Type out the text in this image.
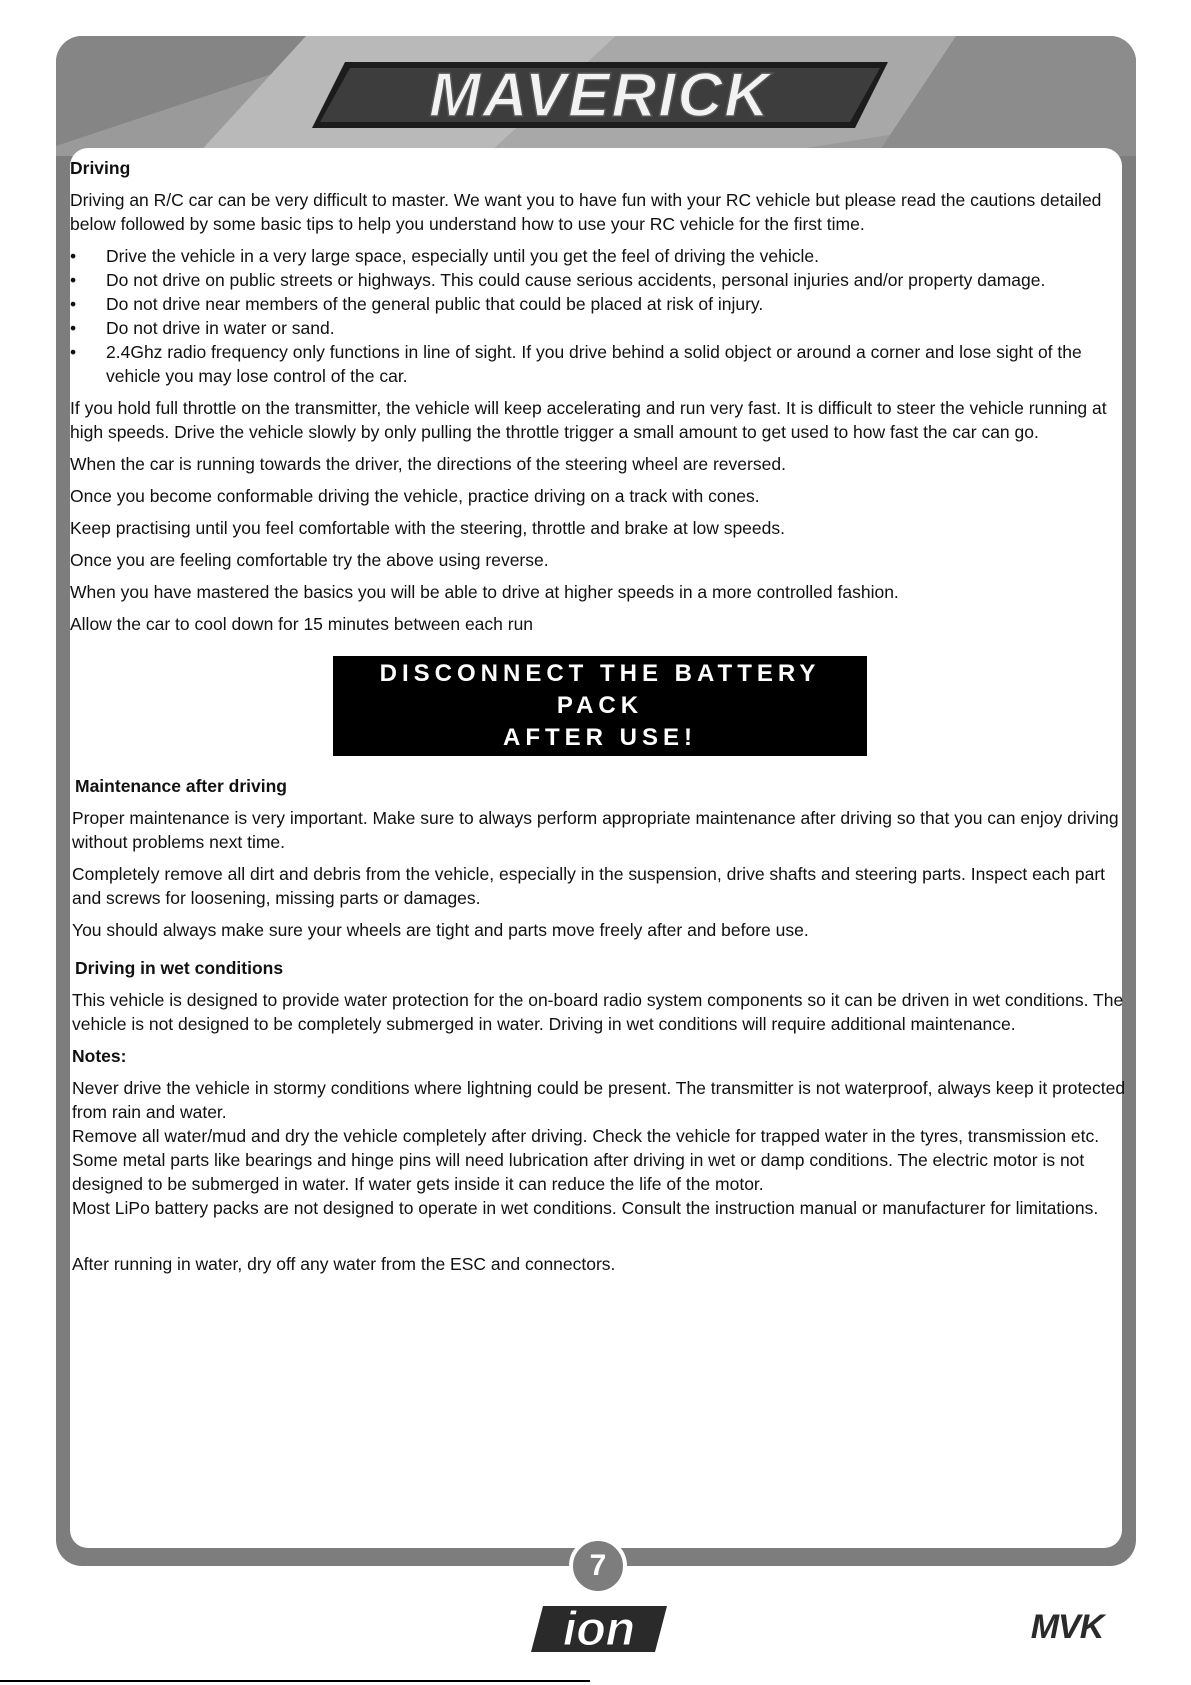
MAVERICK
Driving

Driving an R/C car can be very difficult to master. We want you to have fun with your RC vehicle but please read the cautions detailed below followed by some basic tips to help you understand how to use your RC vehicle for the first time.

• Drive the vehicle in a very large space, especially until you get the feel of driving the vehicle.
• Do not drive on public streets or highways. This could cause serious accidents, personal injuries and/or property damage.
• Do not drive near members of the general public that could be placed at risk of injury.
• Do not drive in water or sand.
• 2.4Ghz radio frequency only functions in line of sight. If you drive behind a solid object or around a corner and lose sight of the vehicle you may lose control of the car.

If you hold full throttle on the transmitter, the vehicle will keep accelerating and run very fast. It is difficult to steer the vehicle running at high speeds. Drive the vehicle slowly by only pulling the throttle trigger a small amount to get used to how fast the car can go.

When the car is running towards the driver, the directions of the steering wheel are reversed.

Once you become conformable driving the vehicle, practice driving on a track with cones.

Keep practising until you feel comfortable with the steering, throttle and brake at low speeds.

Once you are feeling comfortable try the above using reverse.

When you have mastered the basics you will be able to drive at higher speeds in a more controlled fashion.

Allow the car to cool down for 15 minutes between each run

DISCONNECT THE BATTERY PACK
AFTER USE!
Maintenance after driving

Proper maintenance is very important. Make sure to always perform appropriate maintenance after driving so that you can enjoy driving without problems next time.

Completely remove all dirt and debris from the vehicle, especially in the suspension, drive shafts and steering parts. Inspect each part and screws for loosening, missing parts or damages.

You should always make sure your wheels are tight and parts move freely after and before use.

Driving in wet conditions

This vehicle is designed to provide water protection for the on-board radio system components so it can be driven in wet conditions. The vehicle is not designed to be completely submerged in water. Driving in wet conditions will require additional maintenance.

Notes:

Never drive the vehicle in stormy conditions where lightning could be present. The transmitter is not waterproof, always keep it protected from rain and water.

Remove all water/mud and dry the vehicle completely after driving. Check the vehicle for trapped water in the tyres, transmission etc. Some metal parts like bearings and hinge pins will need lubrication after driving in wet or damp conditions. The electric motor is not designed to be submerged in water. If water gets inside it can reduce the life of the motor.

Most LiPo battery packs are not designed to operate in wet conditions. Consult the instruction manual or manufacturer for limitations.

After running in water, dry off any water from the ESC and connectors.

7
ion	MVK
